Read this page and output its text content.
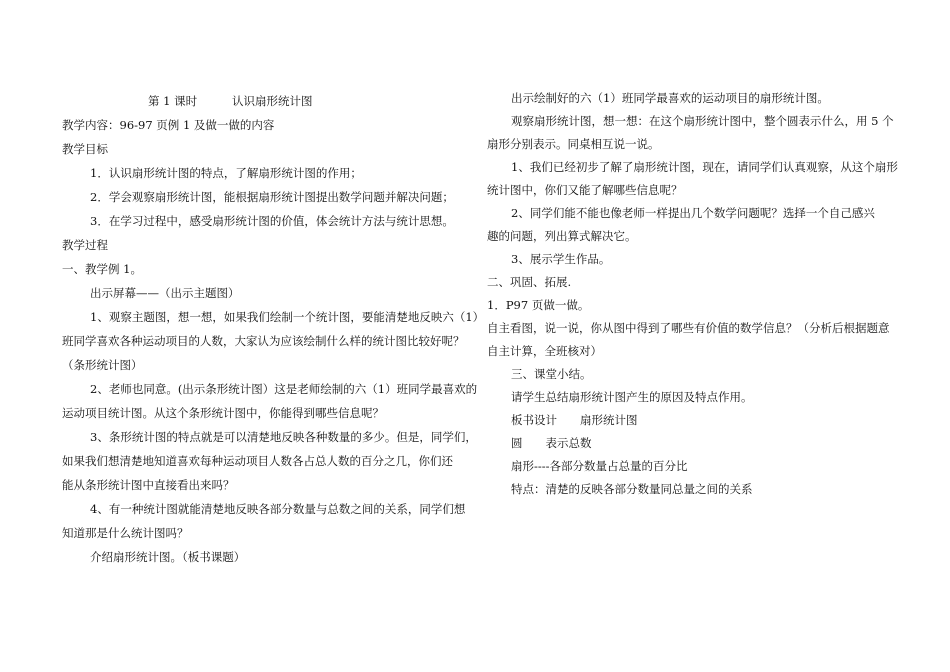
第 1 课时	认识扇形统计图
教学内容：96-97 页例 1 及做一做的内容
教学目标
1．认识扇形统计图的特点，了解扇形统计图的作用；
2．学会观察扇形统计图，能根据扇形统计图提出数学问题并解决问题；
3．在学习过程中，感受扇形统计图的价值，体会统计方法与统计思想。
教学过程
一、教学例 1。
出示屏幕——（出示主题图）
1、观察主题图，想一想，如果我们绘制一个统计图，要能清楚地反映六（1）
班同学喜欢各种运动项目的人数，大家认为应该绘制什么样的统计图比较好呢？
（条形统计图）
2、老师也同意。(出示条形统计图）这是老师绘制的六（1）班同学最喜欢的
运动项目统计图。从这个条形统计图中，你能得到哪些信息呢？
3、条形统计图的特点就是可以清楚地反映各种数量的多少。但是，同学们，
如果我们想清楚地知道喜欢每种运动项目人数各占总人数的百分之几，你们还
能从条形统计图中直接看出来吗？
4、有一种统计图就能清楚地反映各部分数量与总数之间的关系，同学们想
知道那是什么统计图吗？
介绍扇形统计图。（板书课题）
出示绘制好的六（1）班同学最喜欢的运动项目的扇形统计图。
观察扇形统计图，想一想：在这个扇形统计图中，整个圆表示什么，用 5 个
扇形分别表示。同桌相互说一说。
1、我们已经初步了解了扇形统计图，现在，请同学们认真观察，从这个扇形
统计图中，你们又能了解哪些信息呢？
2、同学们能不能也像老师一样提出几个数学问题呢？选择一个自己感兴
趣的问题，列出算式解决它。
3、展示学生作品。
二、巩固、拓展.
1．P97 页做一做。
自主看图，说一说，你从图中得到了哪些有价值的数学信息？（分析后根据题意
自主计算，全班核对）
三、课堂小结。
请学生总结扇形统计图产生的原因及特点作用。
板书设计　　扇形统计图
圆　　表示总数
扇形----各部分数量占总量的百分比
特点：清楚的反映各部分数量同总量之间的关系
